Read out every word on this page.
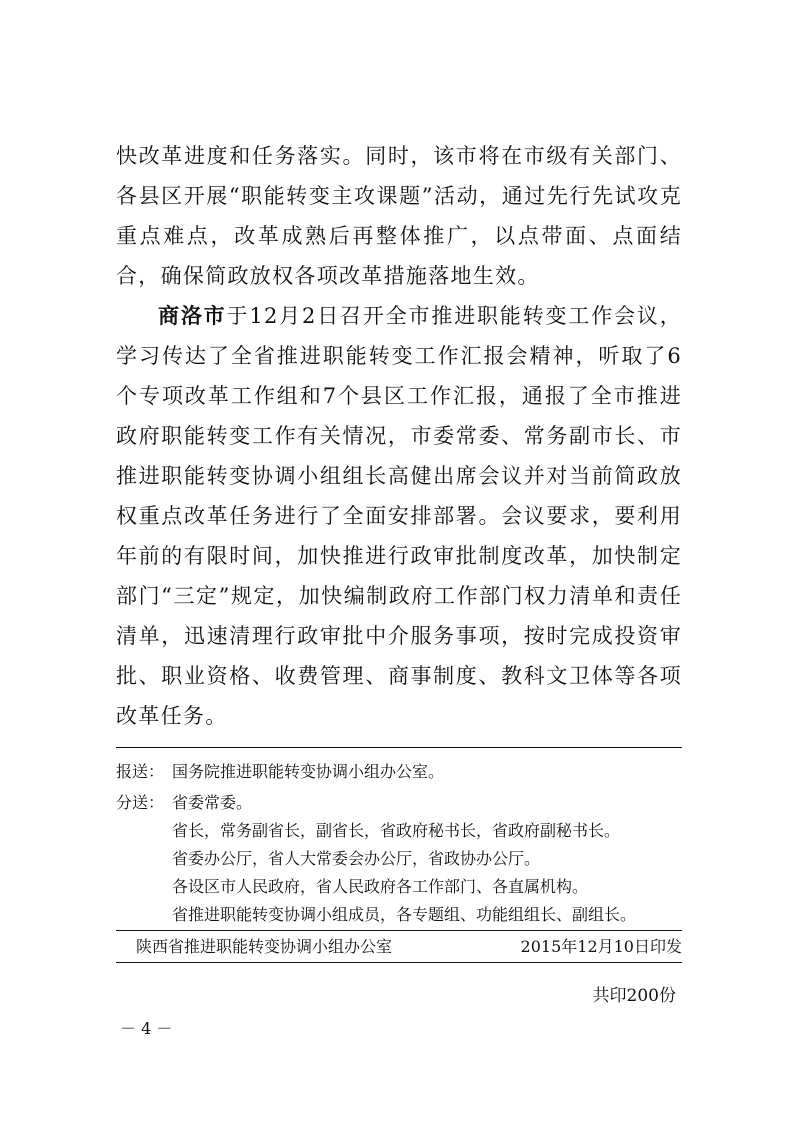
快改革进度和任务落实。同时，该市将在市级有关部门、各县区开展“职能转变主攻课题”活动，通过先行先试攻克重点难点，改革成熟后再整体推广，以点带面、点面结合，确保简政放权各项改革措施落地生效。

商洛市于12月2日召开全市推进职能转变工作会议，学习传达了全省推进职能转变工作汇报会精神，听取了6个专项改革工作组和7个县区工作汇报，通报了全市推进政府职能转变工作有关情况，市委常委、常务副市长、市推进职能转变协调小组组长高健出席会议并对当前简政放权重点改革任务进行了全面安排部署。会议要求，要利用年前的有限时间，加快推进行政审批制度改革，加快制定部门“三定”规定，加快编制政府工作部门权力清单和责任清单，迅速清理行政审批中介服务事项，按时完成投资审批、职业资格、收费管理、商事制度、教科文卫体等各项改革任务。

报送： 国务院推进职能转变协调小组办公室。
分送： 省委常委。
省长，常务副省长，副省长，省政府秘书长，省政府副秘书长。
省委办公厅，省人大常委会办公厅，省政协办公厅。
各设区市人民政府，省人民政府各工作部门、各直属机构。
省推进职能转变协调小组成员，各专题组、功能组组长、副组长。
陕西省推进职能转变协调小组办公室	2015年12月10日印发
共印200份
－ 4 －
